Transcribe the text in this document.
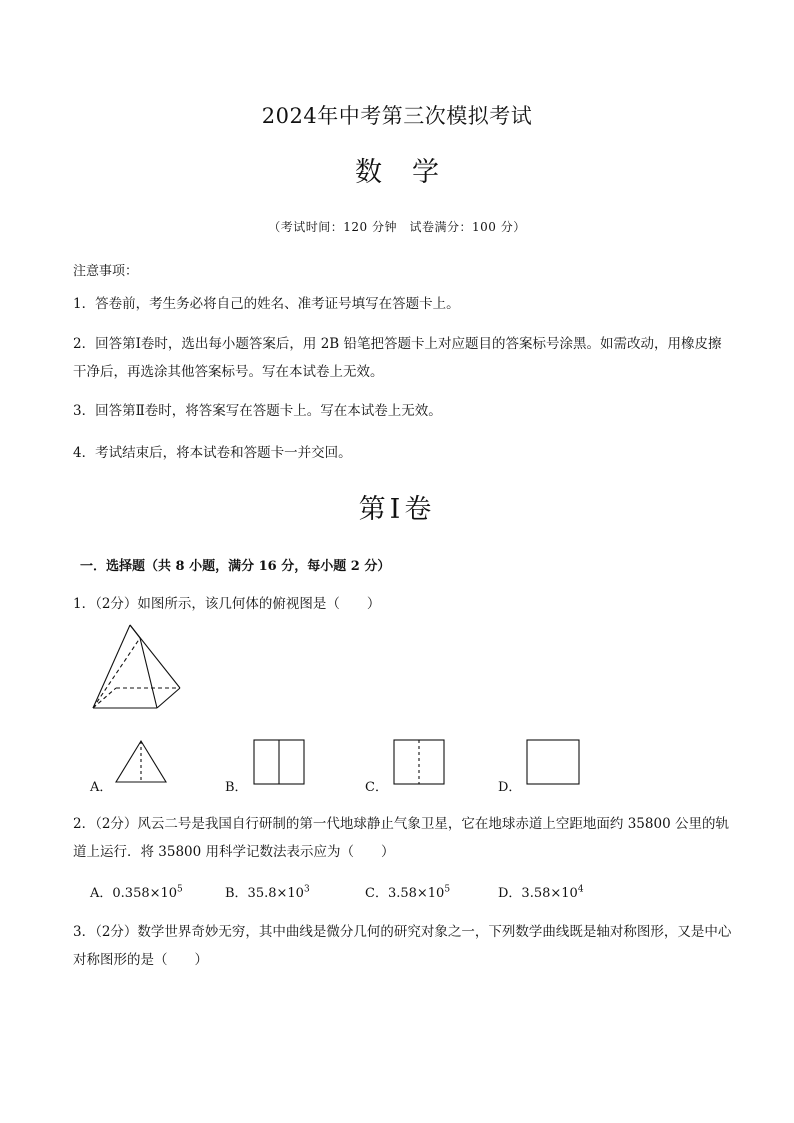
2024年中考第三次模拟考试
数学
（考试时间：120 分钟　试卷满分：100 分）
注意事项：
1．答卷前，考生务必将自己的姓名、准考证号填写在答题卡上。
2．回答第Ⅰ卷时，选出每小题答案后，用 2B 铅笔把答题卡上对应题目的答案标号涂黑。如需改动，用橡皮擦干净后，再选涂其他答案标号。写在本试卷上无效。
3．回答第Ⅱ卷时，将答案写在答题卡上。写在本试卷上无效。
4．考试结束后，将本试卷和答题卡一并交回。
第Ⅰ卷
一．选择题（共 8 小题，满分 16 分，每小题 2 分）
1．（2分）如图所示，该几何体的俯视图是（　　）
A．	B．	C．	D．
2．（2分）风云二号是我国自行研制的第一代地球静止气象卫星，它在地球赤道上空距地面约 35800 公里的轨道上运行．将 35800 用科学记数法表示应为（　　）
A．$0.358\times 10^5$	B．$35.8\times 10^3$	C．$3.58\times 10^5$	D．$3.58\times 10^4$
3．（2分）数学世界奇妙无穷，其中曲线是微分几何的研究对象之一，下列数学曲线既是轴对称图形，又是中心对称图形的是（　　）
